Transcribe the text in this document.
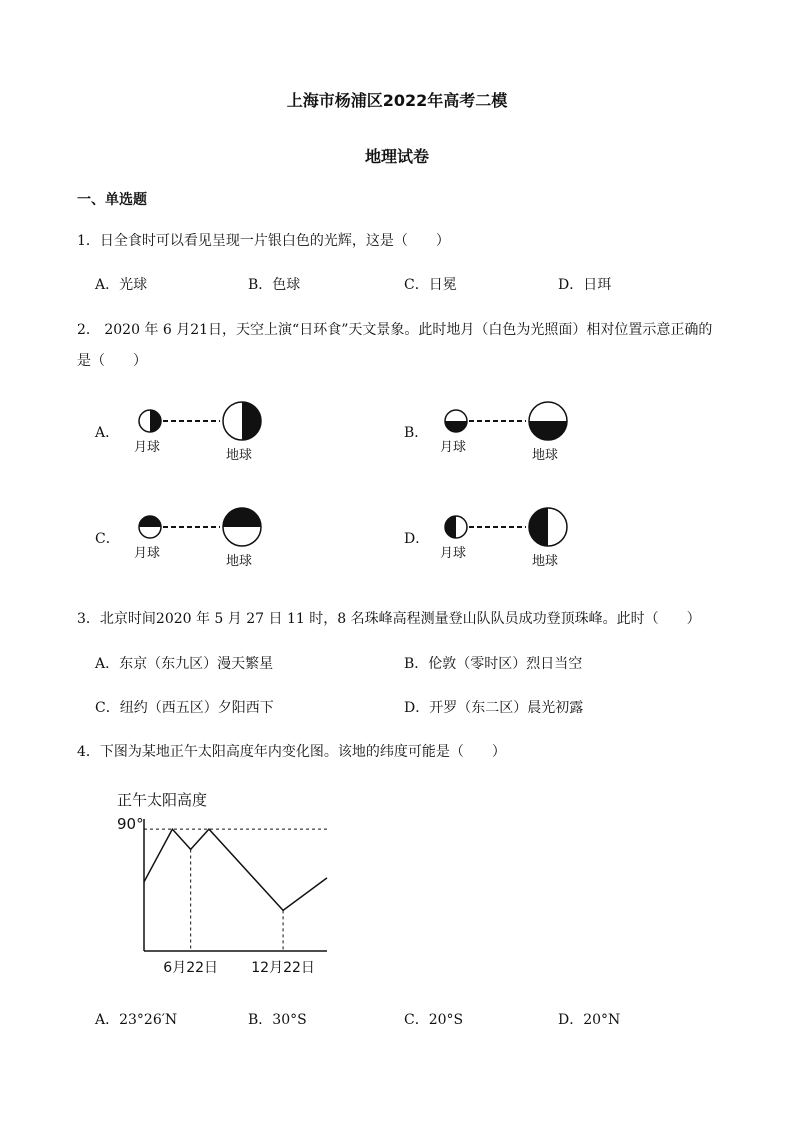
上海市杨浦区2022年高考二模
地理试卷
一、单选题
1．日全食时可以看见呈现一片银白色的光辉，这是（　　）
A．光球	B．色球	C．日冕	D．日珥
2． 2020 年 6 月21日，天空上演“日环食”天文景象。此时地月（白色为光照面）相对位置示意正确的
是（　　）
A．
月球
地球
B．
月球
地球
C．
月球
地球
D．
月球
地球
3．北京时间2020 年 5 月 27 日 11 时，8 名珠峰高程测量登山队队员成功登顶珠峰。此时（　　）
A．东京（东九区）漫天繁星	B．伦敦（零时区）烈日当空
C．纽约（西五区）夕阳西下	D．开罗（东二区）晨光初露
4．下图为某地正午太阳高度年内变化图。该地的纬度可能是（　　）
正午太阳高度
90°
6月22日 12月22日
A．23°26′N	B．30°S	C．20°S	D．20°N
